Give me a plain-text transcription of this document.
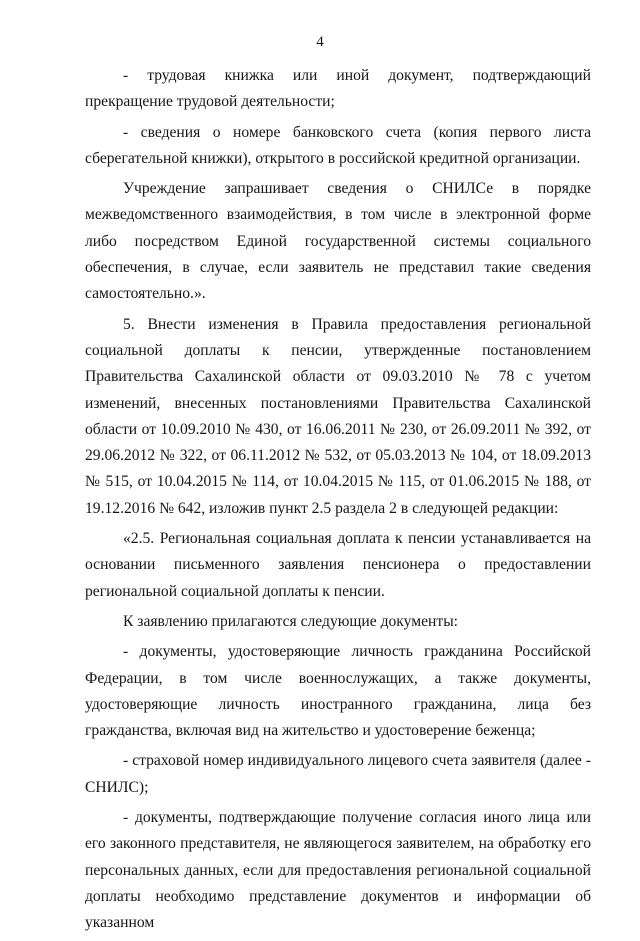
4

- трудовая книжка или иной документ, подтверждающий прекращение трудовой деятельности;

- сведения о номере банковского счета (копия первого листа сберегательной книжки), открытого в российской кредитной организации.

Учреждение запрашивает сведения о СНИЛСе в порядке межведомственного взаимодействия, в том числе в электронной форме либо посредством Единой государственной системы социального обеспечения, в случае, если заявитель не представил такие сведения самостоятельно.».

5. Внести изменения в Правила предоставления региональной социальной доплаты к пенсии, утвержденные постановлением Правительства Сахалинской области от 09.03.2010 № 78 с учетом изменений, внесенных постановлениями Правительства Сахалинской области от 10.09.2010 № 430, от 16.06.2011 № 230, от 26.09.2011 № 392, от 29.06.2012 № 322, от 06.11.2012 № 532, от 05.03.2013 № 104, от 18.09.2013 № 515, от 10.04.2015 № 114, от 10.04.2015 № 115, от 01.06.2015 № 188, от 19.12.2016 № 642, изложив пункт 2.5 раздела 2 в следующей редакции:

«2.5. Региональная социальная доплата к пенсии устанавливается на основании письменного заявления пенсионера о предоставлении региональной социальной доплаты к пенсии.

К заявлению прилагаются следующие документы:

- документы, удостоверяющие личность гражданина Российской Федерации, в том числе военнослужащих, а также документы, удостоверяющие личность иностранного гражданина, лица без гражданства, включая вид на жительство и удостоверение беженца;

- страховой номер индивидуального лицевого счета заявителя (далее - СНИЛС);

- документы, подтверждающие получение согласия иного лица или его законного представителя, не являющегося заявителем, на обработку его персональных данных, если для предоставления региональной социальной доплаты необходимо представление документов и информации об указанном
